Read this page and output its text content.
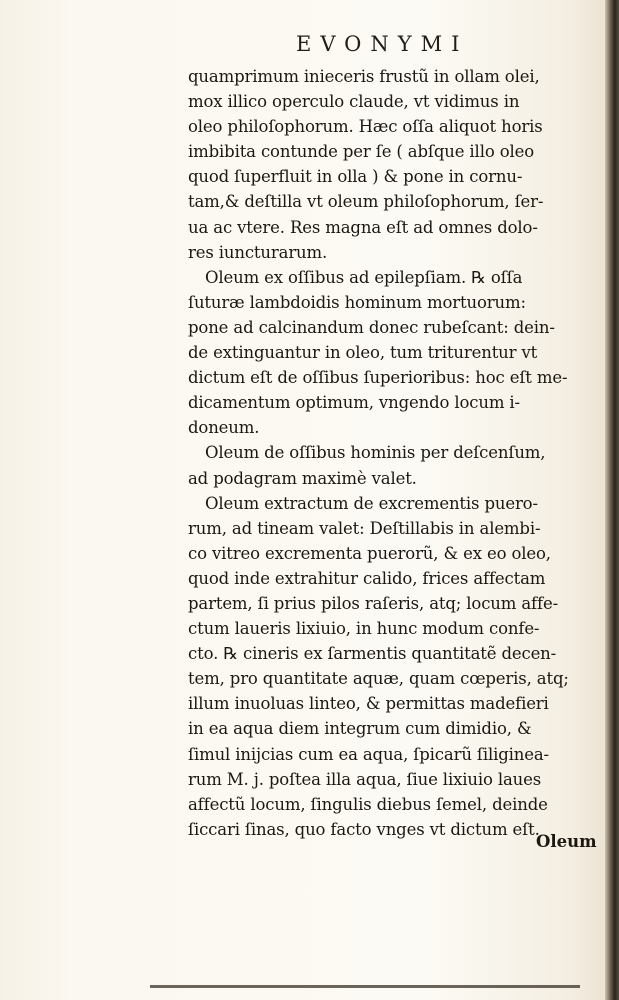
EVONYMI
quamprimum inieceris frustũ in ollam olei,
mox illico operculo claude, vt vidimus in
oleo philoſophorum. Hæc oſſa aliquot horis
imbibita contunde per ſe ( abſque illo oleo
quod ſuperfluit in olla ) & pone in cornu-
tam,& deſtilla vt oleum philoſophorum, ſer-
ua ac vtere. Res magna eſt ad omnes dolo-
res iuncturarum.
Oleum ex oſſibus ad epilepſiam. ℞ oſſa
ſuturæ lambdoidis hominum mortuorum:
pone ad calcinandum donec rubeſcant: dein-
de extinguantur in oleo, tum triturentur vt
dictum eſt de oſſibus ſuperioribus: hoc eſt me-
dicamentum optimum, vngendo locum i-
doneum.
Oleum de oſſibus hominis per deſcenſum,
ad podagram maximè valet.
Oleum extractum de excrementis puero-
rum, ad tineam valet: Deſtillabis in alembi-
co vitreo excrementa puerorũ, & ex eo oleo,
quod inde extrahitur calido, frices affectam
partem, ſi prius pilos raſeris, atq; locum affe-
ctum laueris lixiuio, in hunc modum confe-
cto. ℞ cineris ex ſarmentis quantitatẽ decen-
tem, pro quantitate aquæ, quam cœperis, atq;
illum inuoluas linteo, & permittas madefieri
in ea aqua diem integrum cum dimidio, &
ſimul inijcias cum ea aqua, ſpicarũ ſiliginea-
rum M. j. poſtea illa aqua, ſiue lixiuio laues
affectũ locum, ſingulis diebus ſemel, deinde
ſiccari ſinas, quo facto vnges vt dictum eſt.
Oleum
